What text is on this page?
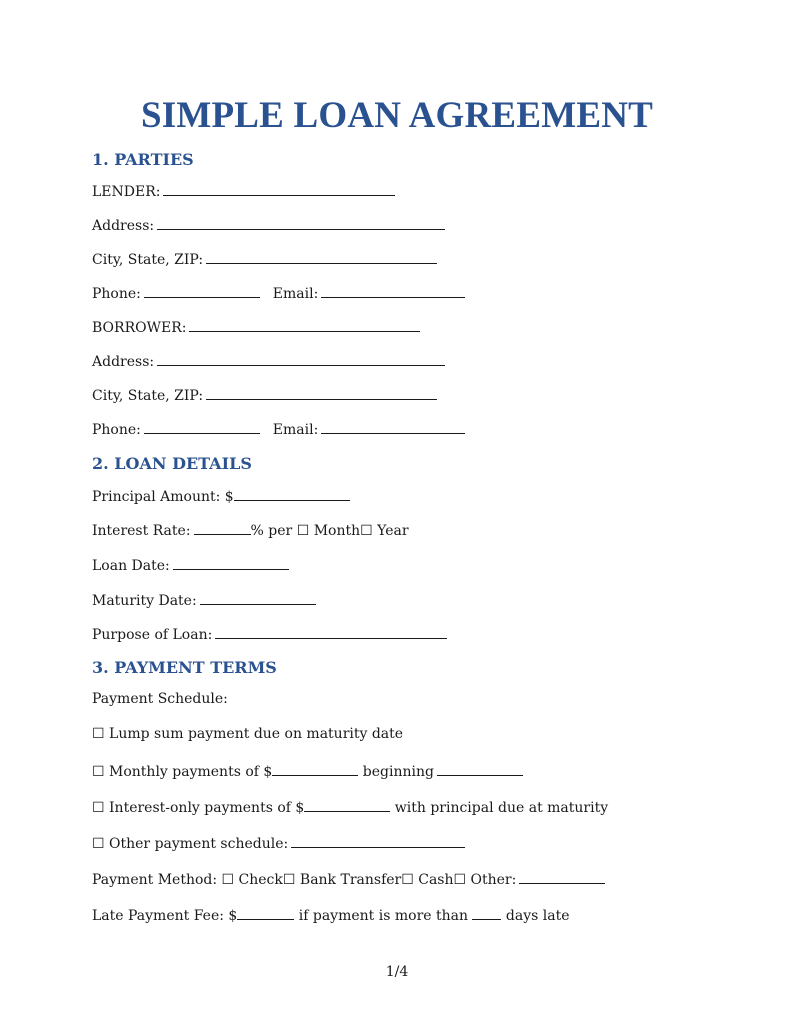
SIMPLE LOAN AGREEMENT
1. PARTIES
LENDER:
Address:
City, State, ZIP:
Phone:	Email:
BORROWER:
Address:
City, State, ZIP:
Phone:	Email:
2. LOAN DETAILS
Principal Amount: $
Interest Rate:	% per ☐ Month☐ Year
Loan Date:
Maturity Date:
Purpose of Loan:
3. PAYMENT TERMS
Payment Schedule:
☐ Lump sum payment due on maturity date
☐ Monthly payments of $	beginning
☐ Interest-only payments of $	with principal due at maturity
☐ Other payment schedule:
Payment Method: ☐ Check☐ Bank Transfer☐ Cash☐ Other:
Late Payment Fee: $	if payment is more than	days late
1/4
